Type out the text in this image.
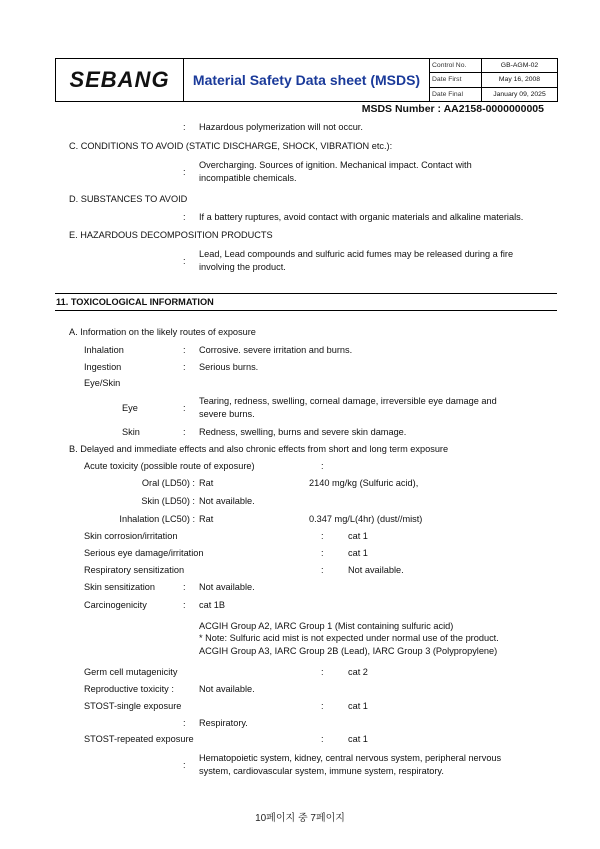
SEBANG	Material Safety Data sheet (MSDS)
Control No.	GB-AGM-02
Date First	May 16, 2008
Date Final	January 09, 2025
MSDS Number : AA2158-0000000005
: Hazardous polymerization will not occur.
C. CONDITIONS TO AVOID (STATIC DISCHARGE, SHOCK, VIBRATION etc.):
:
Overcharging. Sources of ignition. Mechanical impact. Contact with
incompatible chemicals.
D. SUBSTANCES TO AVOID
: If a battery ruptures, avoid contact with organic materials and alkaline materials.
E. HAZARDOUS DECOMPOSITION PRODUCTS
:
Lead, Lead compounds and sulfuric acid fumes may be released during a fire
involving the product.
11. TOXICOLOGICAL INFORMATION
A. Information on the likely routes of exposure
Inhalation	: Corrosive. severe irritation and burns.
Ingestion	: Serious burns.
Eye/Skin
Eye	:
Tearing, redness, swelling, corneal damage, irreversible eye damage and
severe burns.
Skin	: Redness, swelling, burns and severe skin damage.
B. Delayed and immediate effects and also chronic effects from short and long term exposure
Acute toxicity (possible route of exposure)	:
Oral (LD50) : Rat	2140 mg/kg (Sulfuric acid),
Skin (LD50) : Not available.
Inhalation (LC50) : Rat	0.347 mg/L(4hr) (dust//mist)
Skin corrosion/irritation	:	cat 1
Serious eye damage/irritation	:	cat 1
Respiratory sensitization	:	Not available.
Skin sensitization	: Not available.
Carcinogenicity	: cat 1B
ACGIH Group A2, IARC Group 1 (Mist containing sulfuric acid)
* Note: Sulfuric acid mist is not expected under normal use of the product.
ACGIH Group A3, IARC Group 2B (Lead), IARC Group 3 (Polypropylene)
Germ cell mutagenicity	:	cat 2
Reproductive toxicity :	Not available.
STOST-single exposure	:	cat 1
: Respiratory.
STOST-repeated exposure	:	cat 1
:
Hematopoietic system, kidney, central nervous system, peripheral nervous
system, cardiovascular system, immune system, respiratory.
10페이지 중 7페이지
